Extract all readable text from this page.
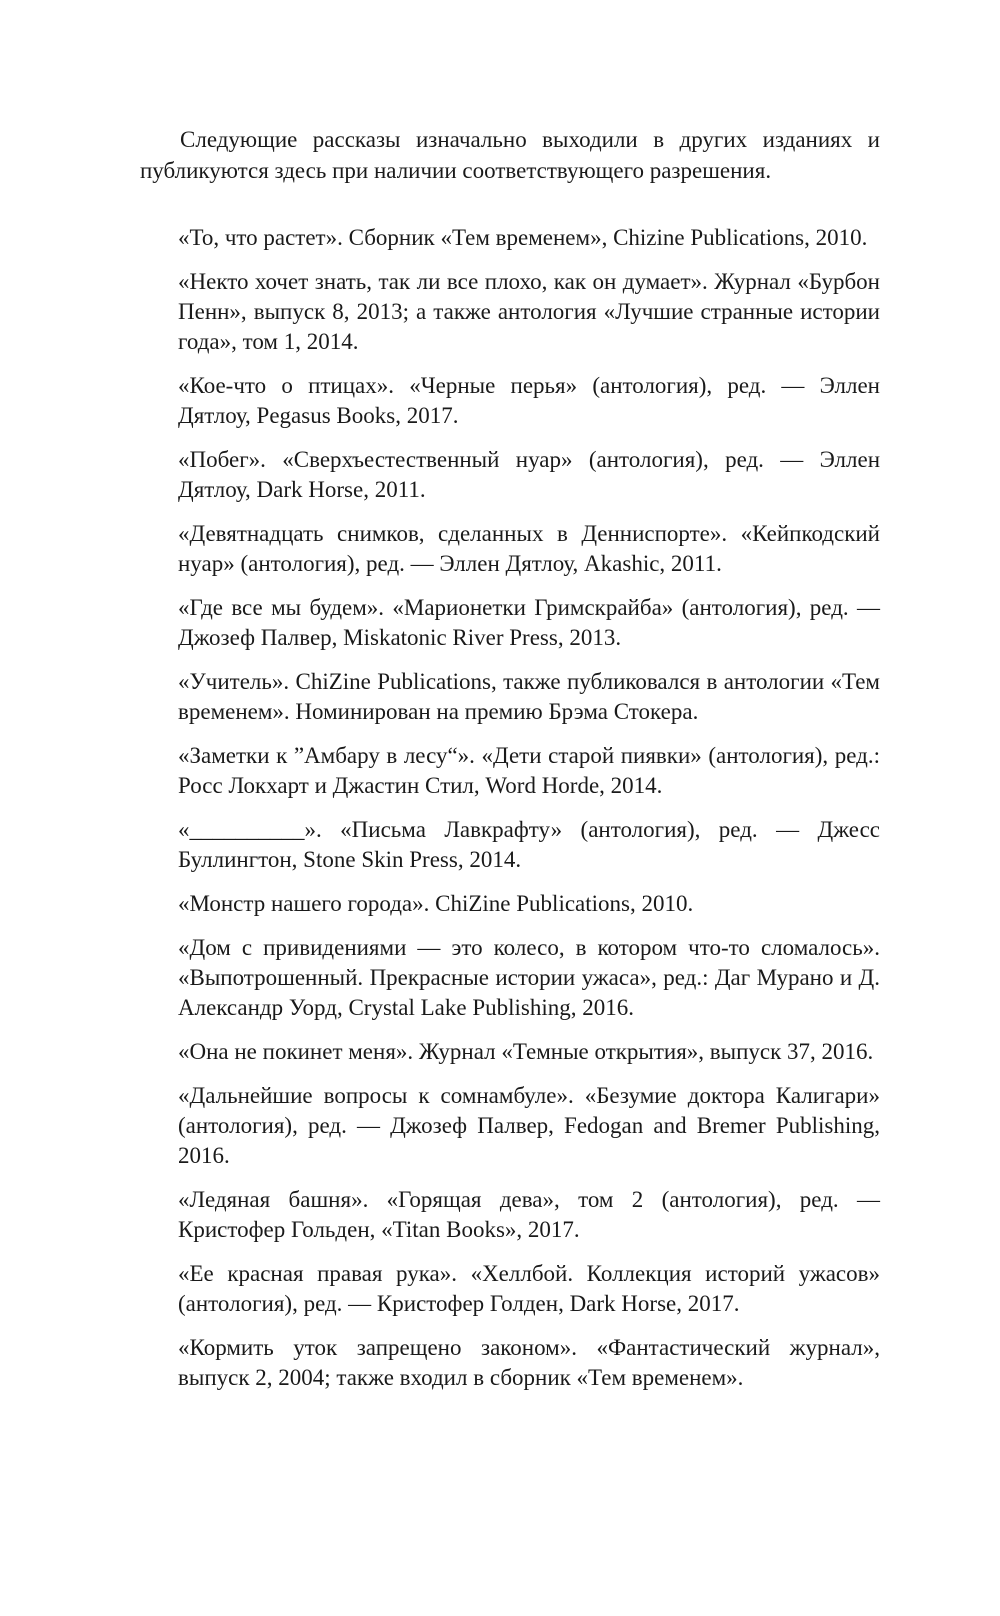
Следующие рассказы изначально выходили в других изданиях и публикуются здесь при наличии соответствующего разрешения.

«То, что растет». Сборник «Тем временем», Chizine Publications, 2010.
«Некто хочет знать, так ли все плохо, как он думает». Журнал «Бурбон Пенн», выпуск 8, 2013; а также антология «Лучшие странные истории года», том 1, 2014.
«Кое-что о птицах». «Черные перья» (антология), ред. — Эллен Дятлоу, Pegasus Books, 2017.
«Побег». «Сверхъестественный нуар» (антология), ред. — Эллен Дятлоу, Dark Horse, 2011.
«Девятнадцать снимков, сделанных в Денниспорте». «Кейпкодский нуар» (антология), ред. — Эллен Дятлоу, Akashic, 2011.
«Где все мы будем». «Марионетки Гримскрайба» (антология), ред. — Джозеф Палвер, Miskatonic River Press, 2013.
«Учитель». ChiZine Publications, также публиковался в антологии «Тем временем». Номинирован на премию Брэма Стокера.
«Заметки к ”Амбару в лесу“». «Дети старой пиявки» (антология), ред.: Росс Локхарт и Джастин Стил, Word Horde, 2014.
«__________». «Письма Лавкрафту» (антология), ред. — Джесс Буллингтон, Stone Skin Press, 2014.
«Монстр нашего города». ChiZine Publications, 2010.
«Дом с привидениями — это колесо, в котором что-то сломалось». «Выпотрошенный. Прекрасные истории ужаса», ред.: Даг Мурано и Д. Александр Уорд, Crystal Lake Publishing, 2016.
«Она не покинет меня». Журнал «Темные открытия», выпуск 37, 2016.
«Дальнейшие вопросы к сомнамбуле». «Безумие доктора Калигари» (антология), ред. — Джозеф Палвер, Fedogan and Bremer Publishing, 2016.
«Ледяная башня». «Горящая дева», том 2 (антология), ред. — Кристофер Гольден, «Titan Books», 2017.
«Ее красная правая рука». «Хеллбой. Коллекция историй ужасов» (антология), ред. — Кристофер Голден, Dark Horse, 2017.
«Кормить уток запрещено законом». «Фантастический журнал», выпуск 2, 2004; также входил в сборник «Тем временем».
